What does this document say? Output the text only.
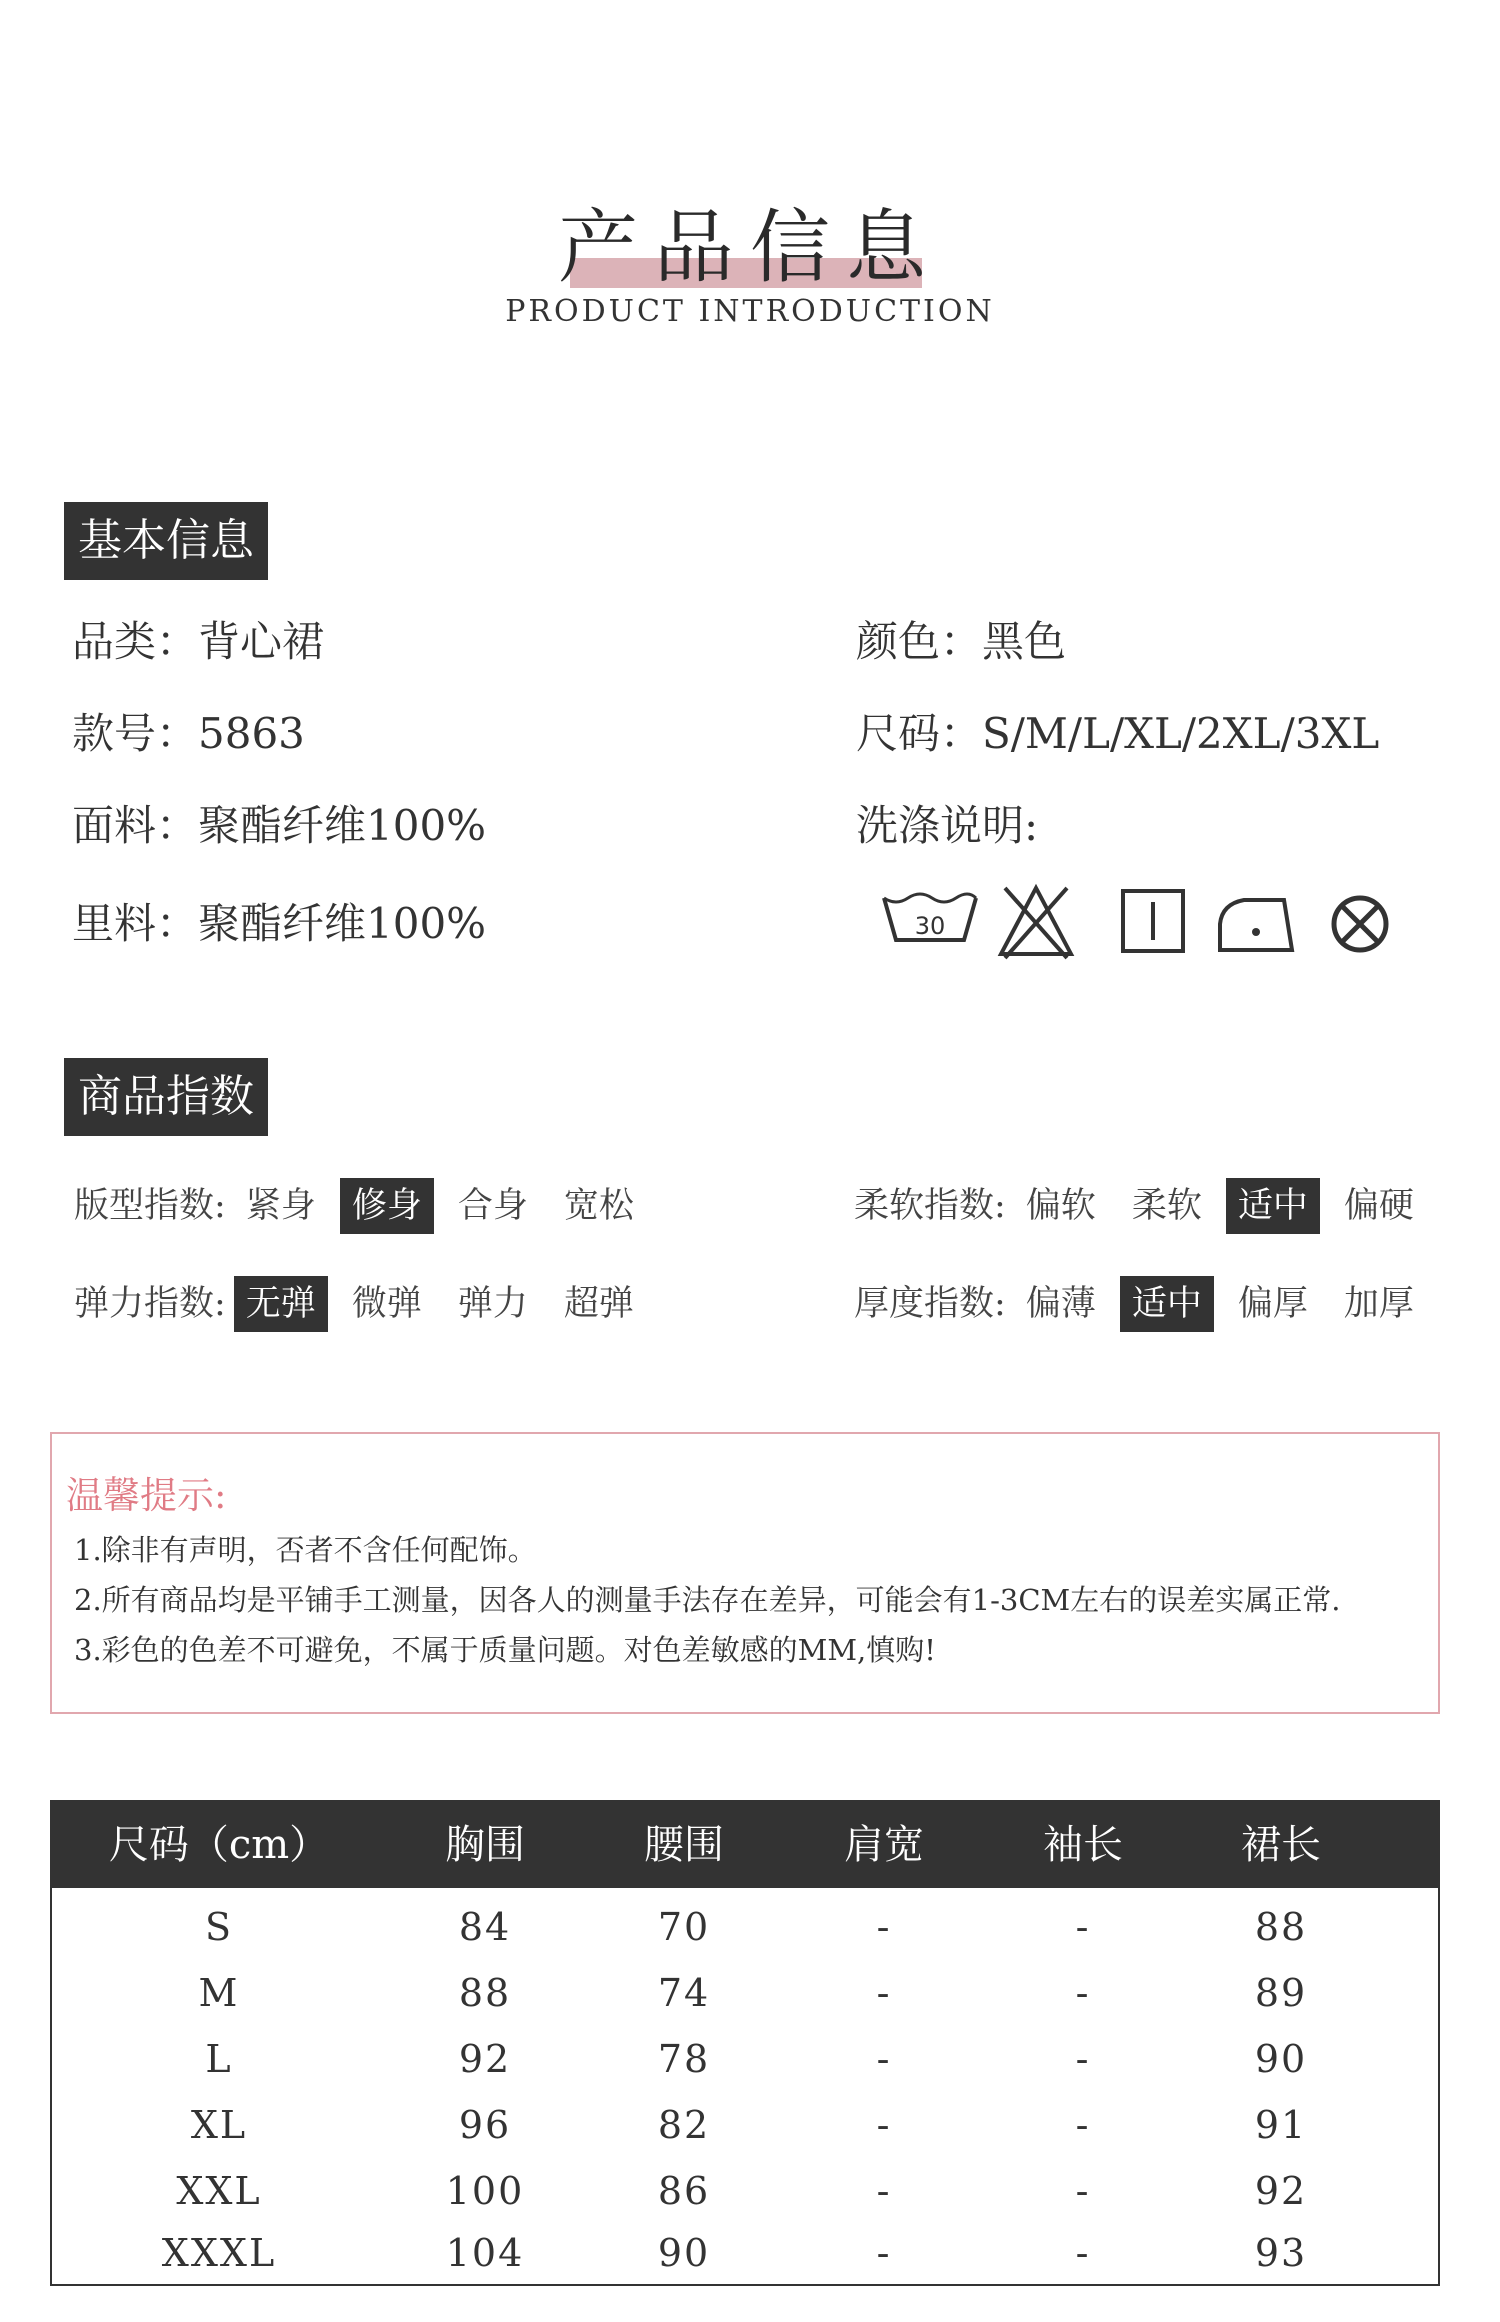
产品信息
PRODUCT INTRODUCTION
基本信息
品类：背心裙	颜色：黑色
款号：5863	尺码：S/M/L/XL/2XL/3XL
面料：聚酯纤维100%	洗涤说明:
里料：聚酯纤维100%	30
商品指数
版型指数: 紧身	修身	合身	宽松	柔软指数: 偏软	柔软	适中	偏硬
弹力指数: 无弹	微弹	弹力	超弹	厚度指数: 偏薄	适中	偏厚	加厚
温馨提示:
1.除非有声明，否者不含任何配饰。
2.所有商品均是平铺手工测量，因各人的测量手法存在差异，可能会有1-3CM左右的误差实属正常.
3.彩色的色差不可避免，不属于质量问题。对色差敏感的MM,慎购!
尺码（cm）	胸围	腰围	肩宽	袖长	裙长
S	84	70	-	-	88
M	88	74	-	-	89
L	92	78	-	-	90
XL	96	82	-	-	91
XXL	100	86	-	-	92
XXXL	104	90	-	-	93
